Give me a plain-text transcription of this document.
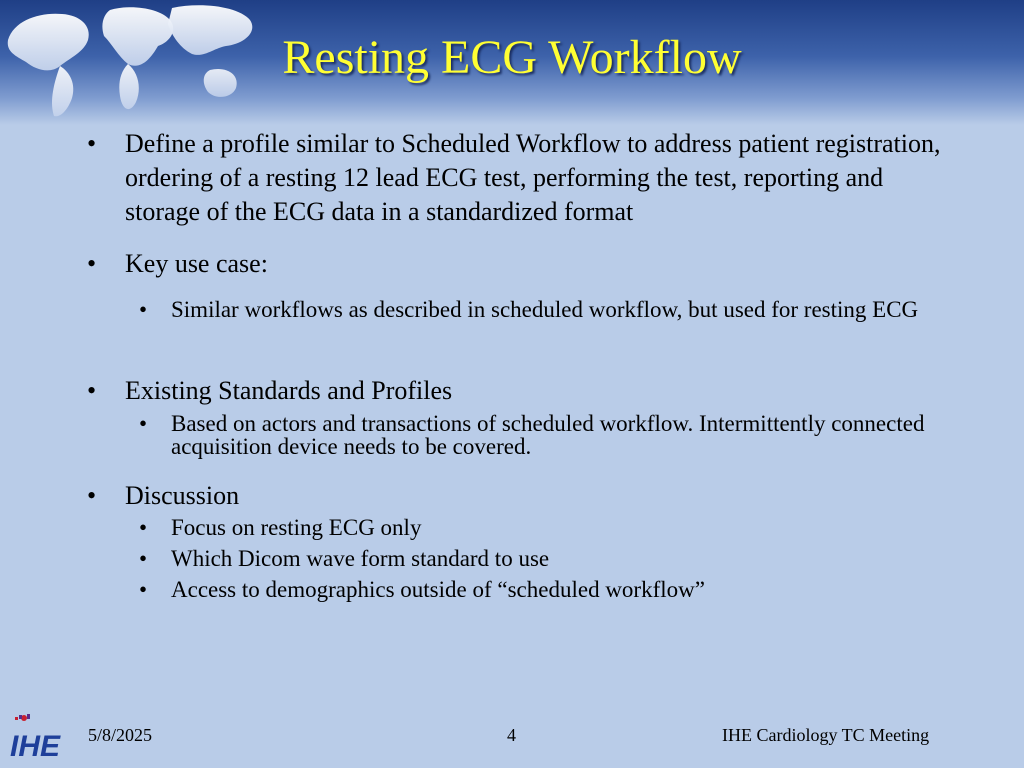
Resting ECG Workflow
• Define a profile similar to Scheduled Workflow to address patient registration, ordering of a resting 12 lead ECG test, performing the test, reporting and storage of the ECG data in a standardized format
• Key use case:
• Similar workflows as described in scheduled workflow, but used for resting ECG
• Existing Standards and Profiles
• Based on actors and transactions of scheduled workflow. Intermittently connected acquisition device needs to be covered.
• Discussion
• Focus on resting ECG only
• Which Dicom wave form standard to use
• Access to demographics outside of “scheduled workflow”
IHE 5/8/2025	4	IHE Cardiology TC Meeting
